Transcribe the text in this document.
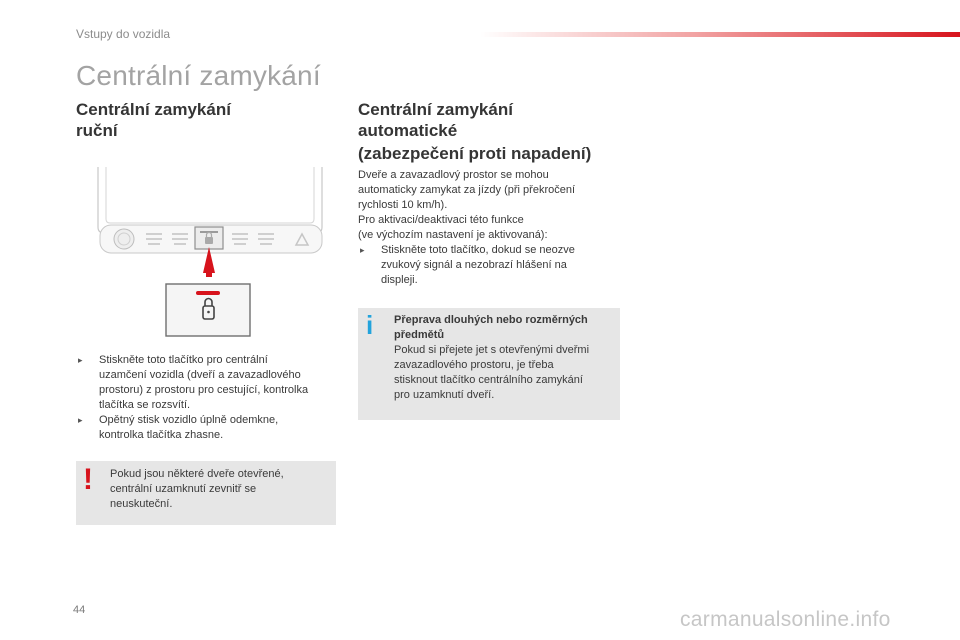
Vstupy do vozidla
Centrální zamykání
Centrální zamykání
ruční
▸ Stiskněte toto tlačítko pro centrální
uzamčení vozidla (dveří a zavazadlového
prostoru) z prostoru pro cestující, kontrolka
tlačítka se rozsvítí.
▸ Opětný stisk vozidlo úplně odemkne,
kontrolka tlačítka zhasne.
Pokud jsou některé dveře otevřené,
centrální uzamknutí zevnitř se
neuskuteční.
!
Centrální zamykání
automatické
(zabezpečení proti napadení)
Dveře a zavazadlový prostor se mohou
automaticky zamykat za jízdy (při překročení
rychlosti 10 km/h).
Pro aktivaci/deaktivaci této funkce
(ve výchozím nastavení je aktivovaná):
▸ Stiskněte toto tlačítko, dokud se neozve
zvukový signál a nezobrazí hlášení na
displeji.
Přeprava dlouhých nebo rozměrných
předmětů
Pokud si přejete jet s otevřenými dveřmi
zavazadlového prostoru, je třeba
stisknout tlačítko centrálního zamykání
pro uzamknutí dveří.
i
44	carmanualsonline.info
